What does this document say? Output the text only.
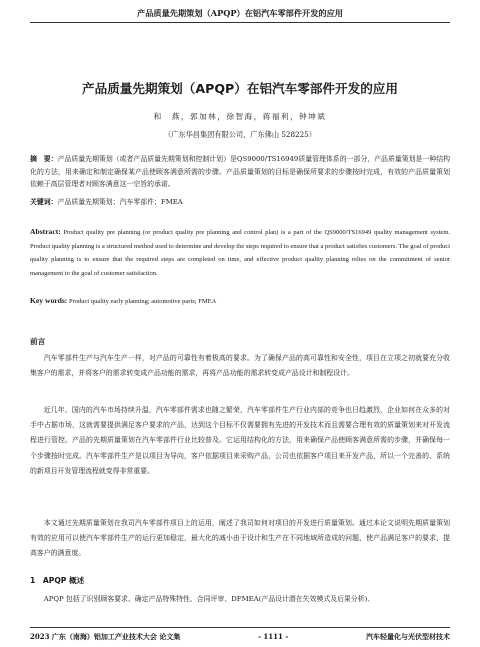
产品质量先期策划（APQP）在铝汽车零部件开发的应用
产品质量先期策划（APQP）在铝汽车零部件开发的应用
和　燕，郭加林，徐智海，蒋福利，钟坤斌
（广东华昌集团有限公司，广东佛山 528225）
摘　要：产品质量先期策划（或者产品质量先期策划和控制计划）是QS9000/TS16949质量管理体系的一部分，产品质量策划是一种结构化的方法，用来确定和制定确保某产品使顾客满意所需的步骤。产品质量策划的目标是确保所要求的步骤按时完成，有效的产品质量策划依赖于高层管理者对顾客满意这一宗旨的承诺。
关键词：产品质量先期策划；汽车零部件；FMEA
Abstract: Product quality pre planning (or product quality pre planning and control plan) is a part of the QS9000/TS16949 quality management system. Product quality planning is a structured method used to determine and develop the steps required to ensure that a product satisfies customers. The goal of product quality planning is to ensure that the required steps are completed on time, and effective product quality planning relies on the commitment of senior management to the goal of customer satisfaction.
Key words: Product quality early planning; automotive parts; FMEA
前言
汽车零部件生产与汽车生产一样，对产品的可靠性有着极高的要求。为了确保产品的高可靠性和安全性，项目在立项之初就要充分收集客户的需求，并将客户的需求转变成产品功能的需求，再将产品功能的需求转变成产品设计和制程设计。
近几年，国内的汽车市场持续升温，汽车零部件需求也随之繁荣，汽车零部件生产行业内部的竞争也日趋激烈，企业如何在众多的对手中占据市场，这就需要提供满足客户要求的产品，达到这个目标不仅需要拥有先进的开发技术而且需要合理有效的质量策划来对开发流程进行管控。产品的先期质量策划在汽车零部件行业比较普及。它运用结构化的方法，用来确保产品使顾客满意所需的步骤，并确保每一个步骤按时完成。汽车零部件生产是以项目为导向，客户依据项目来采购产品，公司也依据客户项目来开发产品，所以一个完善的、系统的新项目开发管理流程就变得非常重要。
本文通过先期质量策划在我司汽车零部件项目上的运用，阐述了我司如何对项目的开发进行质量策划。通过本论文说明先期质量策划有效的应用可以使汽车零部件生产的运行更加稳定，最大化的减小由于设计和生产在不同地域所造成的问题，使产品满足客户的要求，提高客户的满意度。
1　APQP 概述
APQP 包括了识别顾客要求、确定产品特殊特性、合同评审、DFMEA(产品设计潜在失效模式及后果分析)、
2023 广东（南海）铝加工产业技术大会 论文集	- 1111 -	汽车轻量化与光伏型材技术
